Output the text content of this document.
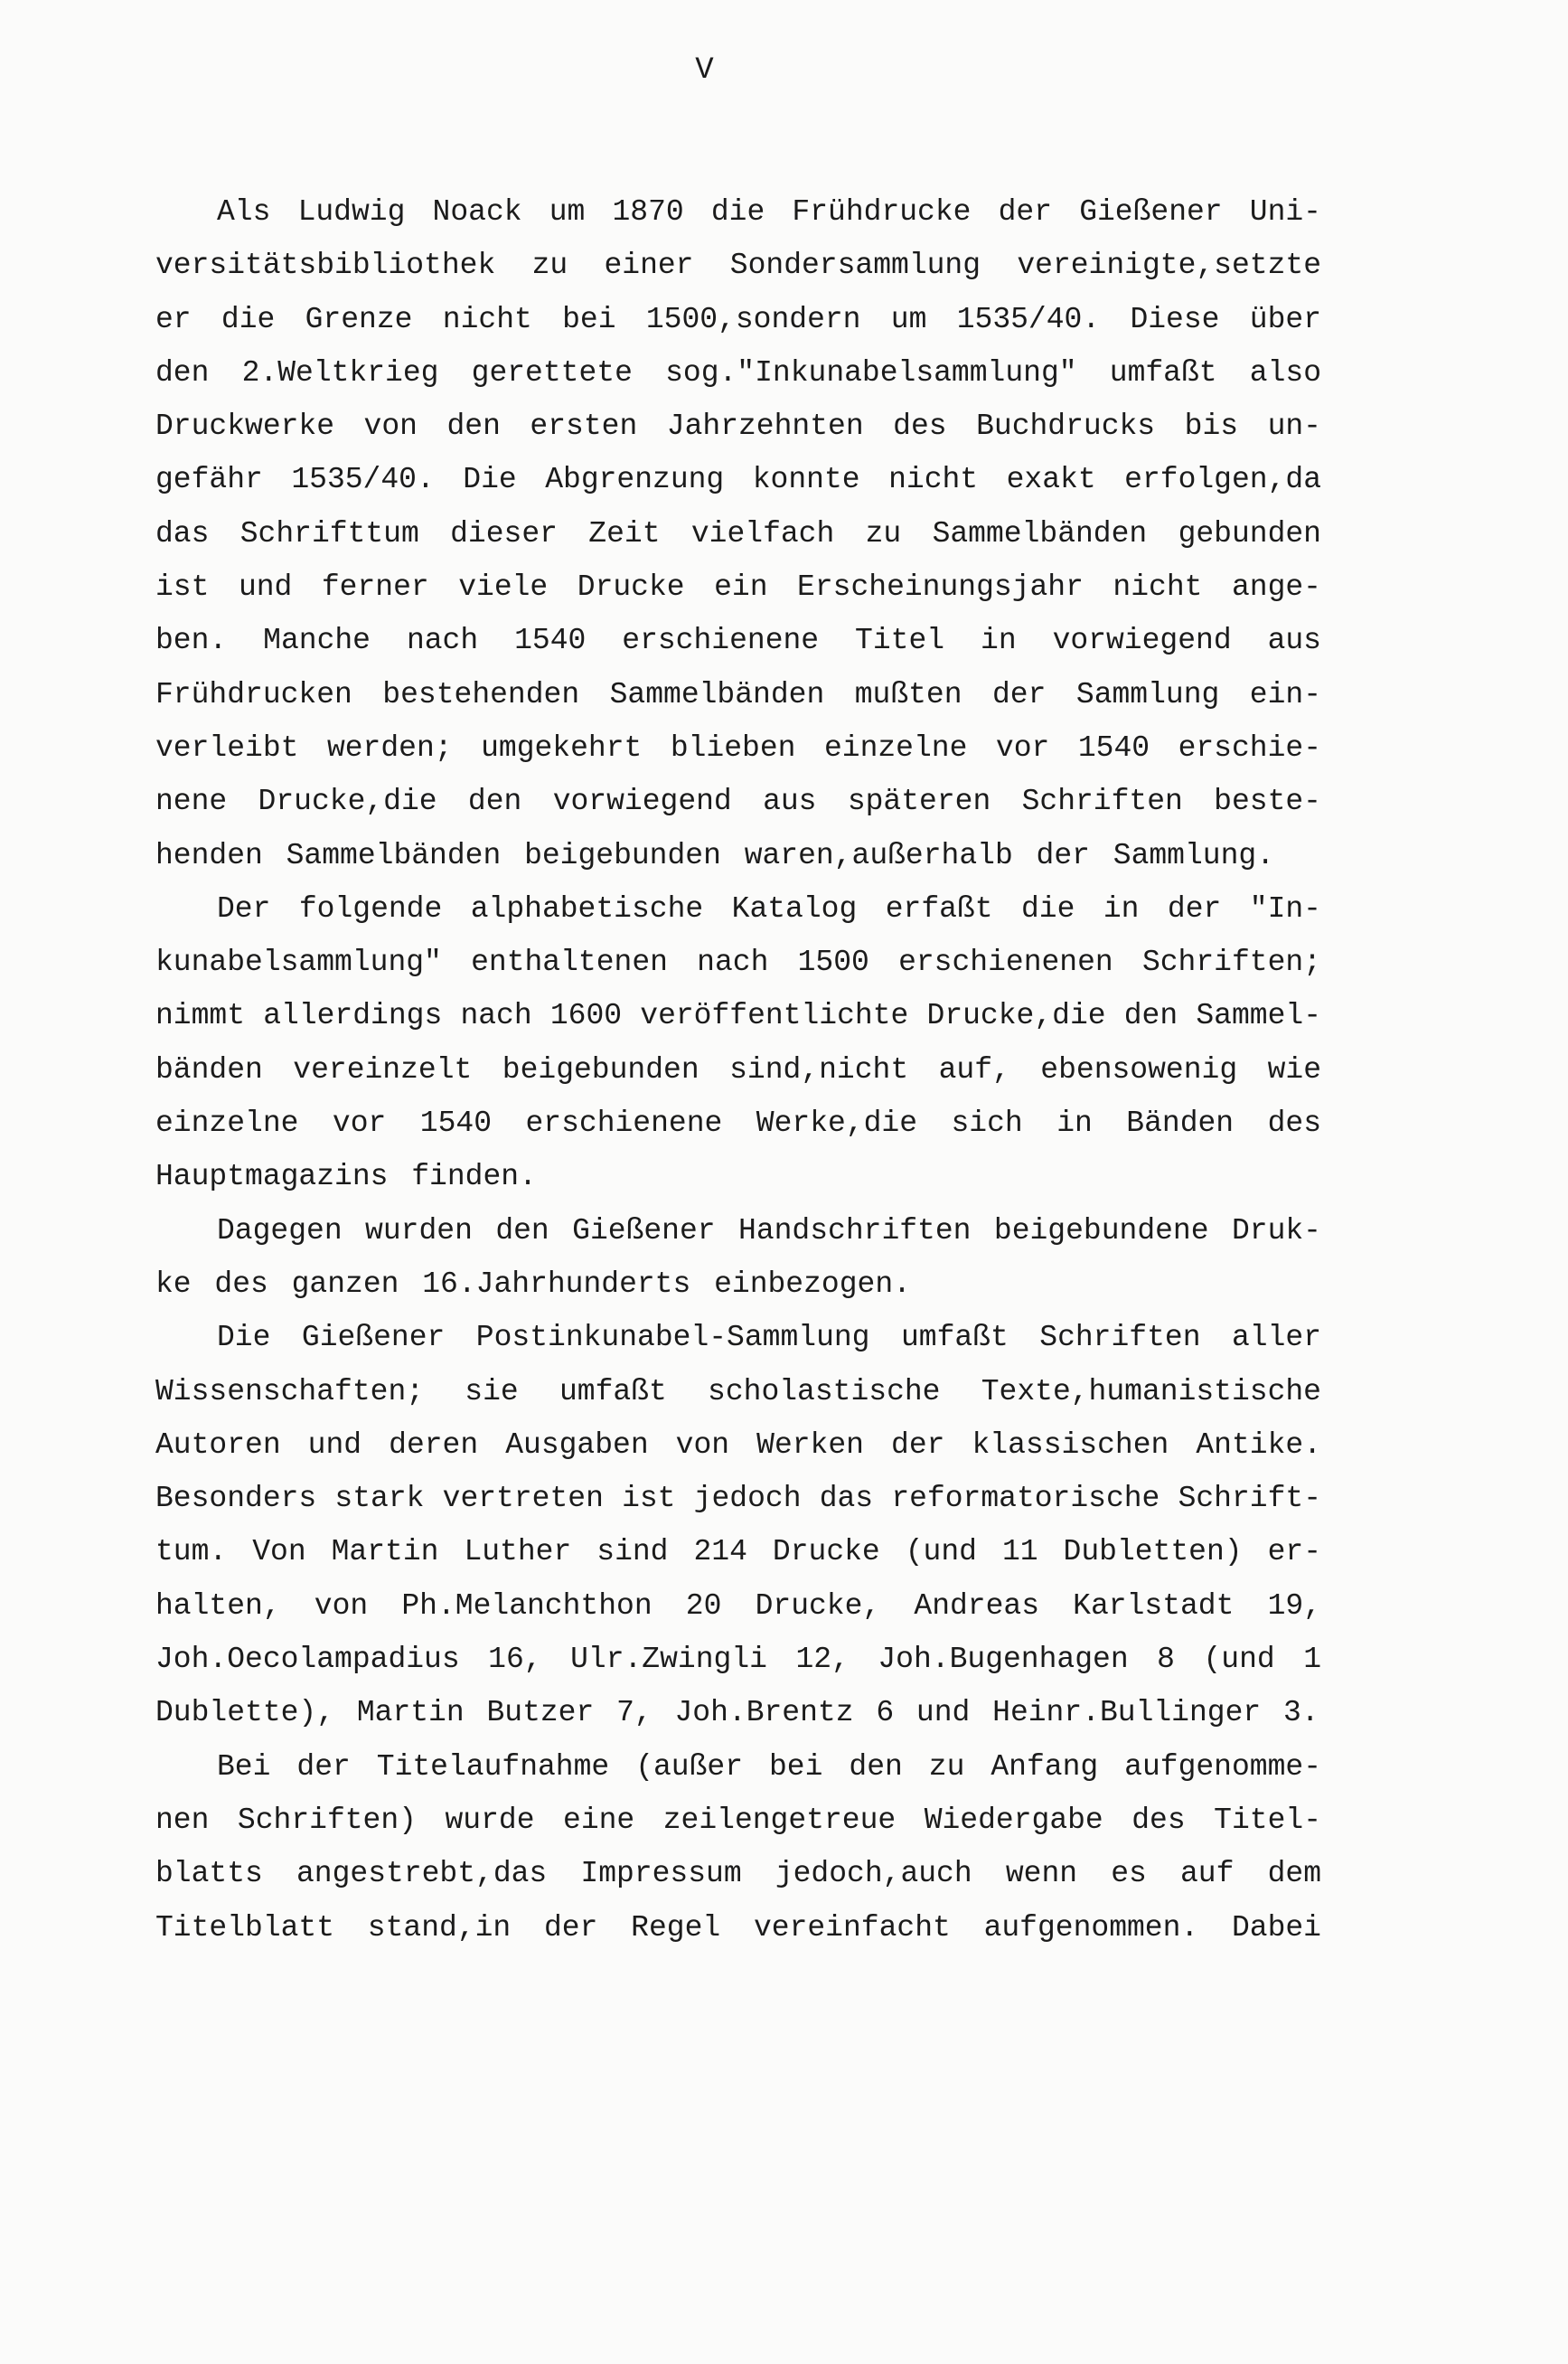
V
Als Ludwig Noack um 1870 die Frühdrucke der Gießener Uni-
versitätsbibliothek zu einer Sondersammlung vereinigte,setzte
er die Grenze nicht bei 1500,sondern um 1535/40. Diese über
den 2.Weltkrieg gerettete sog."Inkunabelsammlung" umfaßt also
Druckwerke von den ersten Jahrzehnten des Buchdrucks bis un-
gefähr 1535/40. Die Abgrenzung konnte nicht exakt erfolgen,da
das Schrifttum dieser Zeit vielfach zu Sammelbänden gebunden
ist und ferner viele Drucke ein Erscheinungsjahr nicht ange-
ben. Manche nach 1540 erschienene Titel in vorwiegend aus
Frühdrucken bestehenden Sammelbänden mußten der Sammlung ein-
verleibt werden; umgekehrt blieben einzelne vor 1540 erschie-
nene Drucke,die den vorwiegend aus späteren Schriften beste-
henden Sammelbänden beigebunden waren,außerhalb der Sammlung.
Der folgende alphabetische Katalog erfaßt die in der "In-
kunabelsammlung" enthaltenen nach 1500 erschienenen Schriften;
nimmt allerdings nach 1600 veröffentlichte Drucke,die den Sammel-
bänden vereinzelt beigebunden sind,nicht auf, ebensowenig wie
einzelne vor 1540 erschienene Werke,die sich in Bänden des
Hauptmagazins finden.
Dagegen wurden den Gießener Handschriften beigebundene Druk-
ke des ganzen 16.Jahrhunderts einbezogen.
Die Gießener Postinkunabel-Sammlung umfaßt Schriften aller
Wissenschaften; sie umfaßt scholastische Texte,humanistische
Autoren und deren Ausgaben von Werken der klassischen Antike.
Besonders stark vertreten ist jedoch das reformatorische Schrift-
tum. Von Martin Luther sind 214 Drucke (und 11 Dubletten) er-
halten, von Ph.Melanchthon 20 Drucke, Andreas Karlstadt 19,
Joh.Oecolampadius 16, Ulr.Zwingli 12, Joh.Bugenhagen 8 (und 1
Dublette), Martin Butzer 7, Joh.Brentz 6 und Heinr.Bullinger 3.
Bei der Titelaufnahme (außer bei den zu Anfang aufgenomme-
nen Schriften) wurde eine zeilengetreue Wiedergabe des Titel-
blatts angestrebt,das Impressum jedoch,auch wenn es auf dem
Titelblatt stand,in der Regel vereinfacht aufgenommen. Dabei
